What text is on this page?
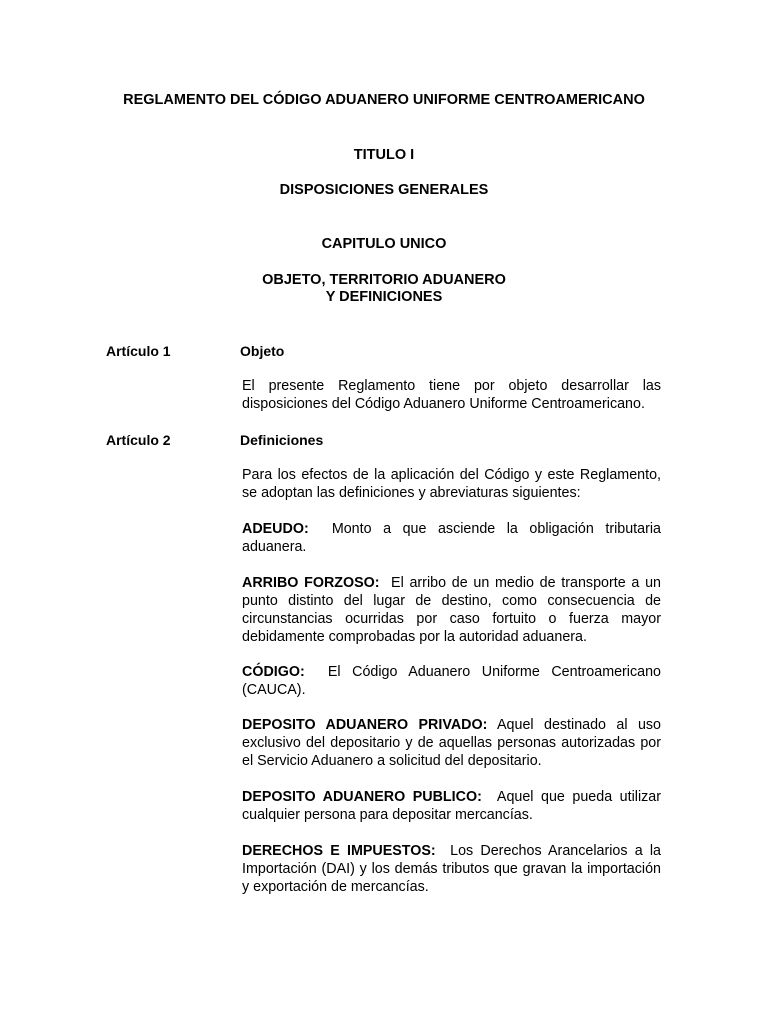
REGLAMENTO DEL CÓDIGO ADUANERO UNIFORME CENTROAMERICANO
TITULO I
DISPOSICIONES GENERALES
CAPITULO UNICO
OBJETO, TERRITORIO ADUANERO
Y DEFINICIONES
Artículo 1	Objeto
El presente Reglamento tiene por objeto desarrollar las disposiciones del Código Aduanero Uniforme Centroamericano.
Artículo 2	Definiciones
Para los efectos de la aplicación del Código y este Reglamento, se adoptan las definiciones y abreviaturas siguientes:
ADEUDO: Monto a que asciende la obligación tributaria aduanera.
ARRIBO FORZOSO: El arribo de un medio de transporte a un punto distinto del lugar de destino, como consecuencia de circunstancias ocurridas por caso fortuito o fuerza mayor debidamente comprobadas por la autoridad aduanera.
CÓDIGO: El Código Aduanero Uniforme Centroamericano (CAUCA).
DEPOSITO ADUANERO PRIVADO: Aquel destinado al uso exclusivo del depositario y de aquellas personas autorizadas por el Servicio Aduanero a solicitud del depositario.
DEPOSITO ADUANERO PUBLICO: Aquel que pueda utilizar cualquier persona para depositar mercancías.
DERECHOS E IMPUESTOS: Los Derechos Arancelarios a la Importación (DAI) y los demás tributos que gravan la importación y exportación de mercancías.
